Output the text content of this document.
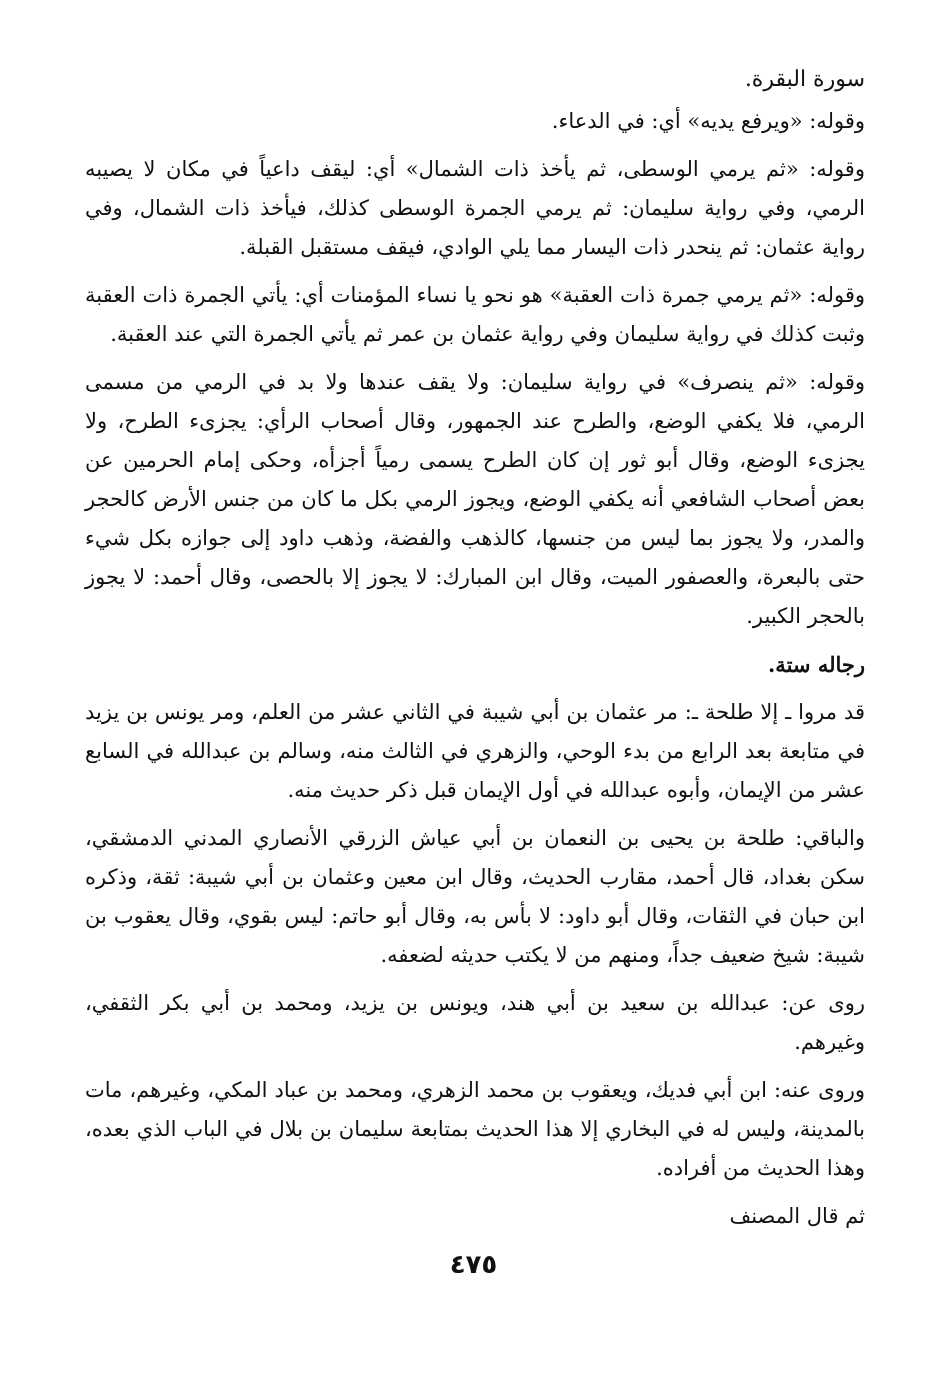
سورة البقرة.

وقوله: «ويرفع يديه» أي: في الدعاء.

وقوله: «ثم يرمي الوسطى، ثم يأخذ ذات الشمال» أي: ليقف داعياً في مكان لا يصيبه الرمي، وفي رواية سليمان: ثم يرمي الجمرة الوسطى كذلك، فيأخذ ذات الشمال، وفي رواية عثمان: ثم ينحدر ذات اليسار مما يلي الوادي، فيقف مستقبل القبلة.

وقوله: «ثم يرمي جمرة ذات العقبة» هو نحو يا نساء المؤمنات أي: يأتي الجمرة ذات العقبة وثبت كذلك في رواية سليمان وفي رواية عثمان بن عمر ثم يأتي الجمرة التي عند العقبة.

وقوله: «ثم ينصرف» في رواية سليمان: ولا يقف عندها ولا بد في الرمي من مسمى الرمي، فلا يكفي الوضع، والطرح عند الجمهور، وقال أصحاب الرأي: يجزىء الطرح، ولا يجزىء الوضع، وقال أبو ثور إن كان الطرح يسمى رمياً أجزأه، وحكى إمام الحرمين عن بعض أصحاب الشافعي أنه يكفي الوضع، ويجوز الرمي بكل ما كان من جنس الأرض كالحجر والمدر، ولا يجوز بما ليس من جنسها، كالذهب والفضة، وذهب داود إلى جوازه بكل شيء حتى بالبعرة، والعصفور الميت، وقال ابن المبارك: لا يجوز إلا بالحصى، وقال أحمد: لا يجوز بالحجر الكبير.

رجاله ستة.

قد مروا ـ إلا طلحة ـ: مر عثمان بن أبي شيبة في الثاني عشر من العلم، ومر يونس بن يزيد في متابعة بعد الرابع من بدء الوحي، والزهري في الثالث منه، وسالم بن عبدالله في السابع عشر من الإيمان، وأبوه عبدالله في أول الإيمان قبل ذكر حديث منه.

والباقي: طلحة بن يحيى بن النعمان بن أبي عياش الزرقي الأنصاري المدني الدمشقي، سكن بغداد، قال أحمد، مقارب الحديث، وقال ابن معين وعثمان بن أبي شيبة: ثقة، وذكره ابن حبان في الثقات، وقال أبو داود: لا بأس به، وقال أبو حاتم: ليس بقوي، وقال يعقوب بن شيبة: شيخ ضعيف جداً، ومنهم من لا يكتب حديثه لضعفه.

روى عن: عبدالله بن سعيد بن أبي هند، ويونس بن يزيد، ومحمد بن أبي بكر الثقفي، وغيرهم.

وروى عنه: ابن أبي فديك، ويعقوب بن محمد الزهري، ومحمد بن عباد المكي، وغيرهم، مات بالمدينة، وليس له في البخاري إلا هذا الحديث بمتابعة سليمان بن بلال في الباب الذي بعده، وهذا الحديث من أفراده.

ثم قال المصنف

٤٧٥
